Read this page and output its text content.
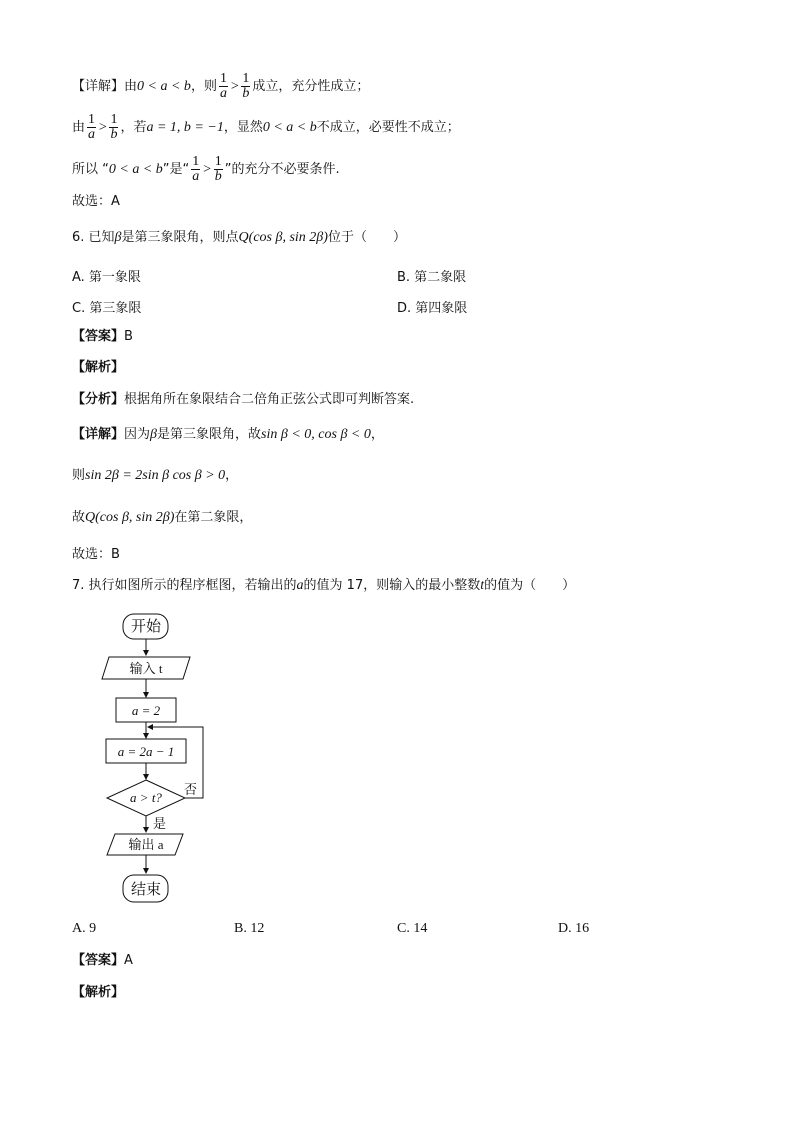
【详解】由0 < a < b，则 $\frac{1}{a} > \frac{1}{b}$ 成立，充分性成立；
由 $\frac{1}{a} > \frac{1}{b}$ ，若a = 1, b = −1，显然0 < a < b不成立，必要性不成立；
所以 “0 < a < b”是“ $\frac{1}{a} > \frac{1}{b}$ ”的充分不必要条件.
故选：A
6. 已知β是第三象限角，则点Q(cos β, sin 2β)位于（　　）
A. 第一象限	B. 第二象限
C. 第三象限	D. 第四象限
【答案】B
【解析】
【分析】根据角所在象限结合二倍角正弦公式即可判断答案.
【详解】因为β是第三象限角，故sin β < 0, cos β < 0，
则sin 2β = 2sin β cos β > 0，
故Q(cos β, sin 2β)在第二象限，
故选：B
7. 执行如图所示的程序框图，若输出的a的值为 17，则输入的最小整数t的值为（　　）
开始
输入 t
a = 2
a = 2a − 1
a > t?
否
是
输出 a
结束
A. 9	B. 12	C. 14	D. 16
【答案】A
【解析】
